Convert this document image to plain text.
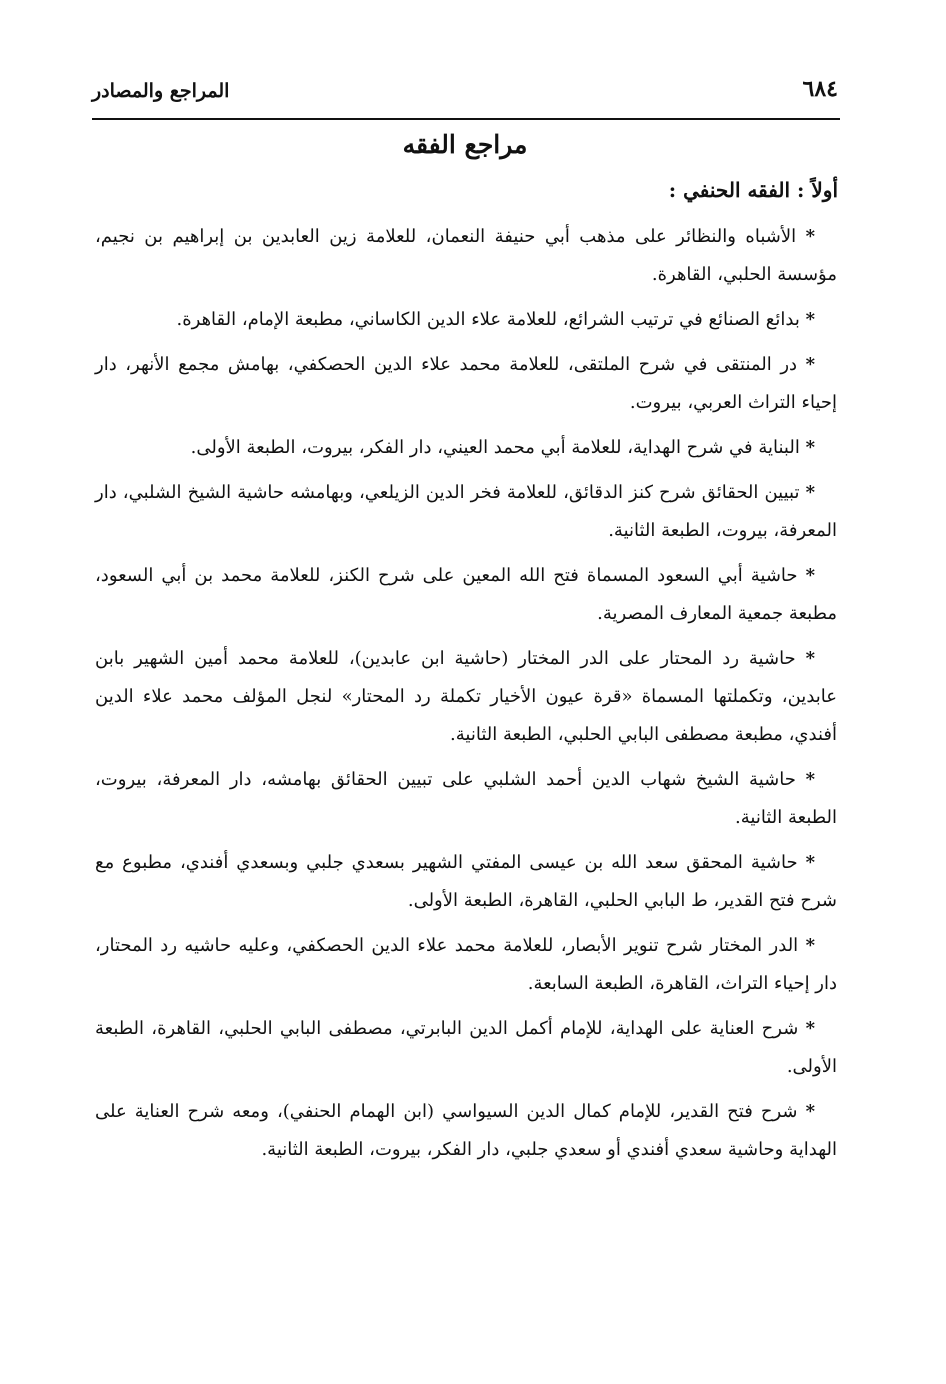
٦٨٤
المراجع والمصادر
مراجع الفقه
أولاً : الفقه الحنفي :

* الأشباه والنظائر على مذهب أبي حنيفة النعمان، للعلامة زين العابدين بن إبراهيم بن نجيم، مؤسسة الحلبي، القاهرة.

* بدائع الصنائع في ترتيب الشرائع، للعلامة علاء الدين الكاساني، مطبعة الإمام، القاهرة.

* در المنتقى في شرح الملتقى، للعلامة محمد علاء الدين الحصكفي، بهامش مجمع الأنهر، دار إحياء التراث العربي، بيروت.

* البناية في شرح الهداية، للعلامة أبي محمد العيني، دار الفكر، بيروت، الطبعة الأولى.

* تبيين الحقائق شرح كنز الدقائق، للعلامة فخر الدين الزيلعي، وبهامشه حاشية الشيخ الشلبي، دار المعرفة، بيروت، الطبعة الثانية.

* حاشية أبي السعود المسماة فتح الله المعين على شرح الكنز، للعلامة محمد بن أبي السعود، مطبعة جمعية المعارف المصرية.

* حاشية رد المحتار على الدر المختار (حاشية ابن عابدين)، للعلامة محمد أمين الشهير بابن عابدين، وتكملتها المسماة «قرة عيون الأخيار تكملة رد المحتار» لنجل المؤلف محمد علاء الدين أفندي، مطبعة مصطفى البابي الحلبي، الطبعة الثانية.

* حاشية الشيخ شهاب الدين أحمد الشلبي على تبيين الحقائق بهامشه، دار المعرفة، بيروت، الطبعة الثانية.

* حاشية المحقق سعد الله بن عيسى المفتي الشهير بسعدي جلبي وبسعدي أفندي، مطبوع مع شرح فتح القدير، ط البابي الحلبي، القاهرة، الطبعة الأولى.

* الدر المختار شرح تنوير الأبصار، للعلامة محمد علاء الدين الحصكفي، وعليه حاشيه رد المحتار، دار إحياء التراث، القاهرة، الطبعة السابعة.

* شرح العناية على الهداية، للإمام أكمل الدين البابرتي، مصطفى البابي الحلبي، القاهرة، الطبعة الأولى.

* شرح فتح القدير، للإمام كمال الدين السيواسي (ابن الهمام الحنفي)، ومعه شرح العناية على الهداية وحاشية سعدي أفندي أو سعدي جلبي، دار الفكر، بيروت، الطبعة الثانية.
